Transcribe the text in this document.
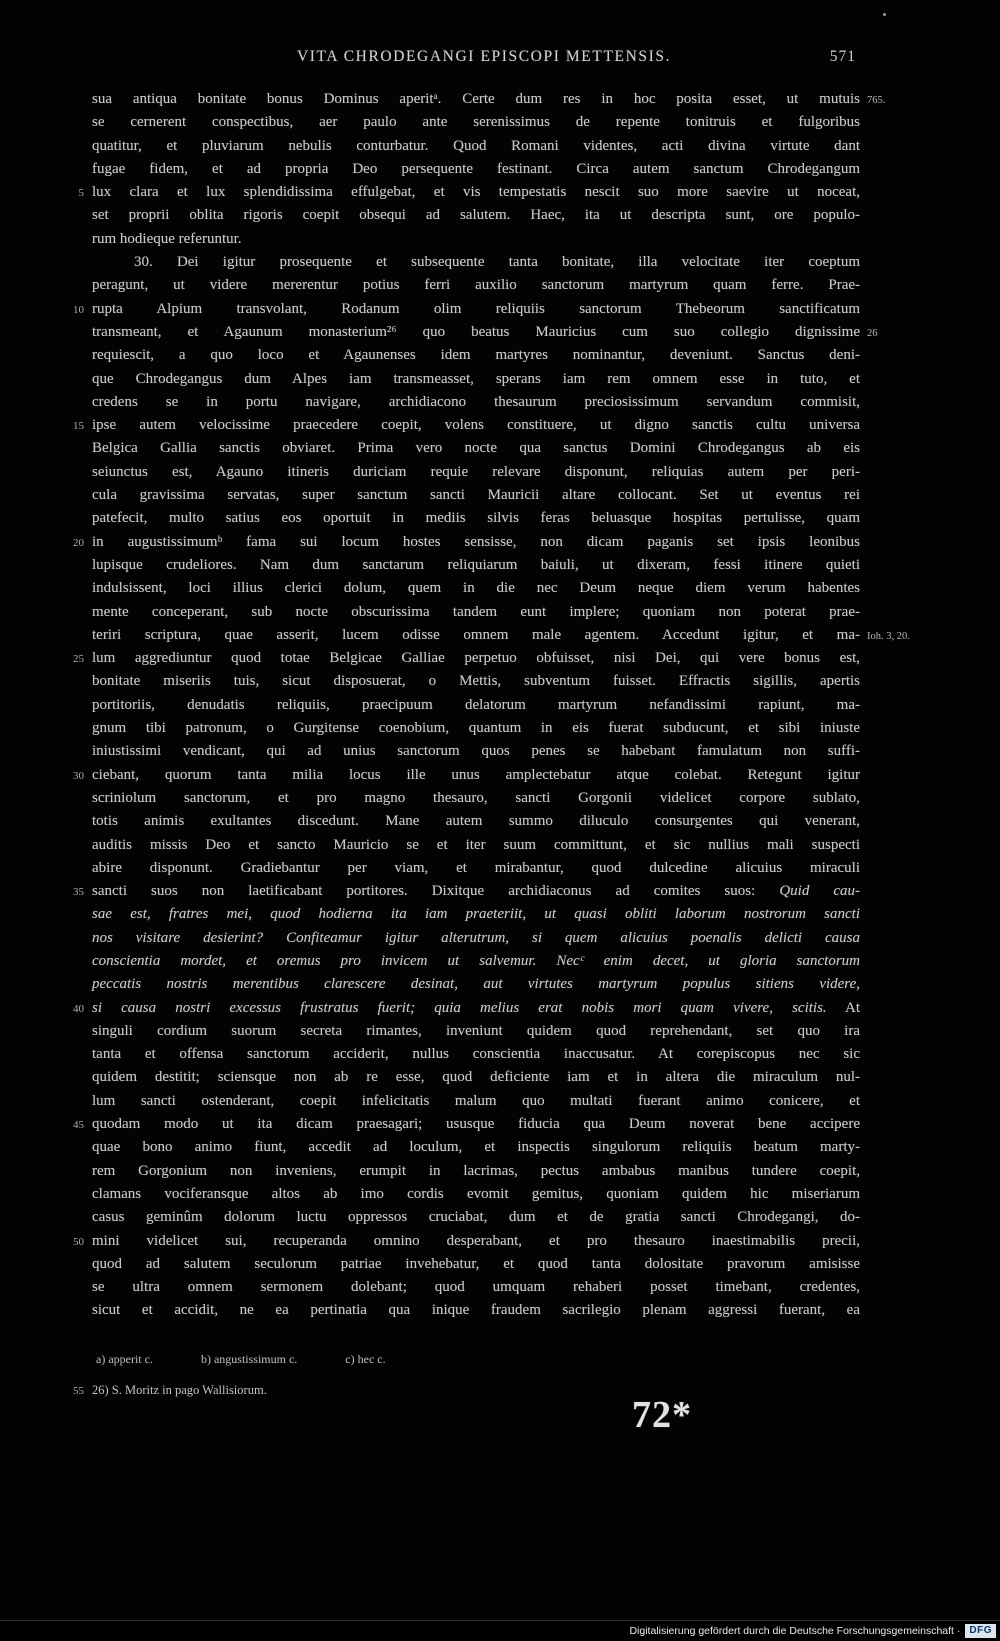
VITA CHRODEGANGI EPISCOPI METTENSIS.	571
sua antiqua bonitate bonus Dominus aperitᵃ. Certe dum res in hoc posita esset, ut mutuis 765.
se cernerent conspectibus, aer paulo ante serenissimus de repente tonitruis et fulgoribus
quatitur, et pluviarum nebulis conturbatur. Quod Romani videntes, acti divina virtute dant
fugae fidem, et ad propria Deo persequente festinant. Circa autem sanctum Chrodegangum
5 lux clara et lux splendidissima effulgebat, et vis tempestatis nescit suo more saevire ut noceat,
set proprii oblita rigoris coepit obsequi ad salutem. Haec, ita ut descripta sunt, ore populo-
rum hodieque referuntur.
30. Dei igitur prosequente et subsequente tanta bonitate, illa velocitate iter coeptum
peragunt, ut videre mererentur potius ferri auxilio sanctorum martyrum quam ferre. Prae-
10 rupta Alpium transvolant, Rodanum olim reliquiis sanctorum Thebeorum sanctificatum
transmeant, et Agaunum monasterium²⁶ quo beatus Mauricius cum suo collegio dignissime 26
requiescit, a quo loco et Agaunenses idem martyres nominantur, deveniunt. Sanctus deni-
que Chrodegangus dum Alpes iam transmeasset, sperans iam rem omnem esse in tuto, et
credens se in portu navigare, archidiacono thesaurum preciosissimum servandum commisit,
15 ipse autem velocissime praecedere coepit, volens constituere, ut digno sanctis cultu universa
Belgica Gallia sanctis obviaret. Prima vero nocte qua sanctus Domini Chrodegangus ab eis
seiunctus est, Agauno itineris duriciam requie relevare disponunt, reliquias autem per peri-
cula gravissima servatas, super sanctum sancti Mauricii altare collocant. Set ut eventus rei
patefecit, multo satius eos oportuit in mediis silvis feras beluasque hospitas pertulisse, quam
20 in augustissimumᵇ fama sui locum hostes sensisse, non dicam paganis set ipsis leonibus
lupisque crudeliores. Nam dum sanctarum reliquiarum baiuli, ut dixeram, fessi itinere quieti
indulsissent, loci illius clerici dolum, quem in die nec Deum neque diem verum habentes
mente conceperant, sub nocte obscurissima tandem eunt implere; quoniam non poterat prae-
teriri scriptura, quae asserit, lucem odisse omnem male agentem. Accedunt igitur, et ma- Ioh. 3, 20.
25 lum aggrediuntur quod totae Belgicae Galliae perpetuo obfuisset, nisi Dei, qui vere bonus est,
bonitate miseriis tuis, sicut disposuerat, o Mettis, subventum fuisset. Effractis sigillis, apertis
portitoriis, denudatis reliquiis, praecipuum delatorum martyrum nefandissimi rapiunt, ma-
gnum tibi patronum, o Gurgitense coenobium, quantum in eis fuerat subducunt, et sibi iniuste
iniustissimi vendicant, qui ad unius sanctorum quos penes se habebant famulatum non suffi-
30 ciebant, quorum tanta milia locus ille unus amplectebatur atque colebat. Retegunt igitur
scriniolum sanctorum, et pro magno thesauro, sancti Gorgonii videlicet corpore sublato,
totis animis exultantes discedunt. Mane autem summo diluculo consurgentes qui venerant,
auditis missis Deo et sancto Mauricio se et iter suum committunt, et sic nullius mali suspecti
abire disponunt. Gradiebantur per viam, et mirabantur, quod dulcedine alicuius miraculi
35 sancti suos non laetificabant portitores. Dixitque archidiaconus ad comites suos: Quid cau-
sae est, fratres mei, quod hodierna ita iam praeteriit, ut quasi obliti laborum nostrorum sancti
nos visitare desierint? Confiteamur igitur alterutrum, si quem alicuius poenalis delicti causa
conscientia mordet, et oremus pro invicem ut salvemur. Necᶜ enim decet, ut gloria sanctorum
peccatis nostris merentibus clarescere desinat, aut virtutes martyrum populus sitiens videre,
40 si causa nostri excessus frustratus fuerit; quia melius erat nobis mori quam vivere, scitis. At
singuli cordium suorum secreta rimantes, inveniunt quidem quod reprehendant, set quo ira
tanta et offensa sanctorum acciderit, nullus conscientia inaccusatur. At corepiscopus nec sic
quidem destitit; sciensque non ab re esse, quod deficiente iam et in altera die miraculum nul-
lum sancti ostenderant, coepit infelicitatis malum quo multati fuerant animo conicere, et
45 quodam modo ut ita dicam praesagari; ususque fiducia qua Deum noverat bene accipere
quae bono animo fiunt, accedit ad loculum, et inspectis singulorum reliquiis beatum marty-
rem Gorgonium non inveniens, erumpit in lacrimas, pectus ambabus manibus tundere coepit,
clamans vociferansque altos ab imo cordis evomit gemitus, quoniam quidem hic miseriarum
casus geminûm dolorum luctu oppressos cruciabat, dum et de gratia sancti Chrodegangi, do-
50 mini videlicet sui, recuperanda omnino desperabant, et pro thesauro inaestimabilis precii,
quod ad salutem seculorum patriae invehebatur, et quod tanta dolositate pravorum amisisse
se ultra omnem sermonem dolebant; quod umquam rehaberi posset timebant, credentes,
sicut et accidit, ne ea pertinatia qua inique fraudem sacrilegio plenam aggressi fuerant, ea
a) apperit c.	b) angustissimum c.	c) hec c.
55 26) S. Moritz in pago Wallisiorum.
72*
Digitalisierung gefördert durch die Deutsche Forschungsgemeinschaft · DFG
